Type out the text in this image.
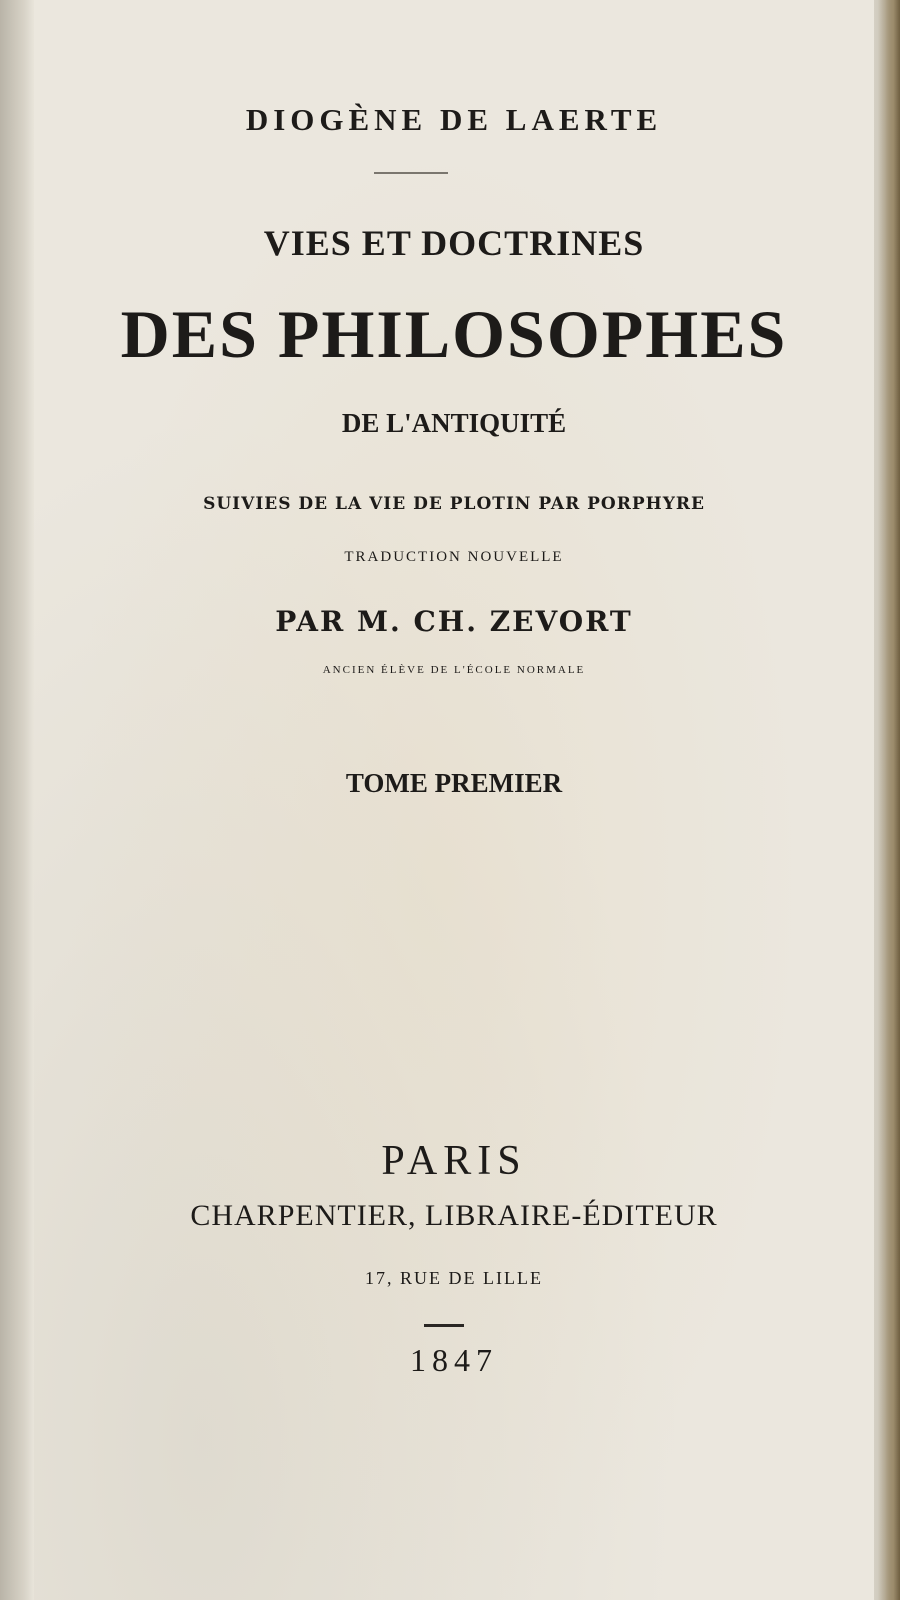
DIOGÈNE DE LAERTE

VIES ET DOCTRINES

DES PHILOSOPHES

DE L'ANTIQUITÉ

SUIVIES DE LA VIE DE PLOTIN PAR PORPHYRE

TRADUCTION NOUVELLE

PAR M. CH. ZEVORT

ANCIEN ÉLÈVE DE L'ÉCOLE NORMALE

TOME PREMIER

PARIS

CHARPENTIER, LIBRAIRE-ÉDITEUR

17, RUE DE LILLE

1847
